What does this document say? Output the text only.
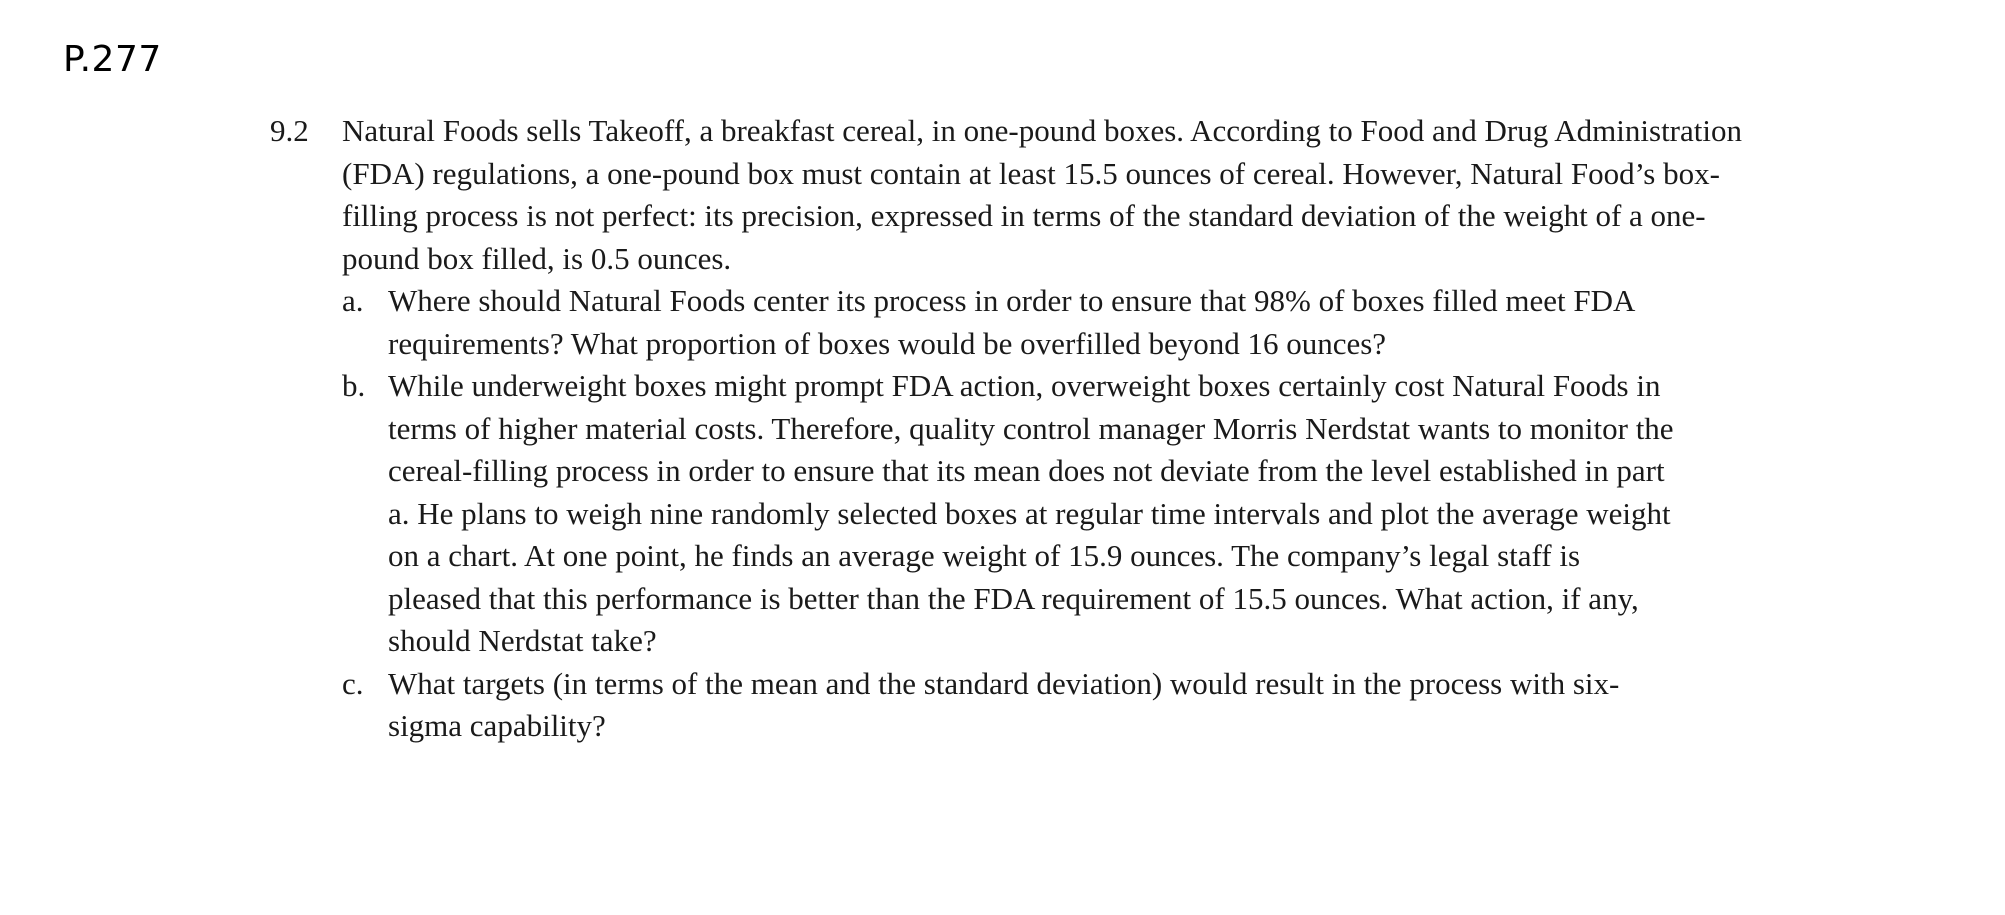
P.277
9.2 Natural Foods sells Takeoff, a breakfast cereal, in one-pound boxes. According to Food and Drug Administration (FDA) regulations, a one-pound box must contain at least 15.5 ounces of cereal. However, Natural Food’s box-filling process is not perfect: its precision, expressed in terms of the standard deviation of the weight of a one-pound box filled, is 0.5 ounces.
a. Where should Natural Foods center its process in order to ensure that 98% of boxes filled meet FDA requirements? What proportion of boxes would be overfilled beyond 16 ounces?
b. While underweight boxes might prompt FDA action, overweight boxes certainly cost Natural Foods in terms of higher material costs. Therefore, quality control manager Morris Nerdstat wants to monitor the cereal-filling process in order to ensure that its mean does not deviate from the level established in part a. He plans to weigh nine randomly selected boxes at regular time intervals and plot the average weight on a chart. At one point, he finds an average weight of 15.9 ounces. The company’s legal staff is pleased that this performance is better than the FDA requirement of 15.5 ounces. What action, if any, should Nerdstat take?
c. What targets (in terms of the mean and the standard deviation) would result in the process with six-sigma capability?
